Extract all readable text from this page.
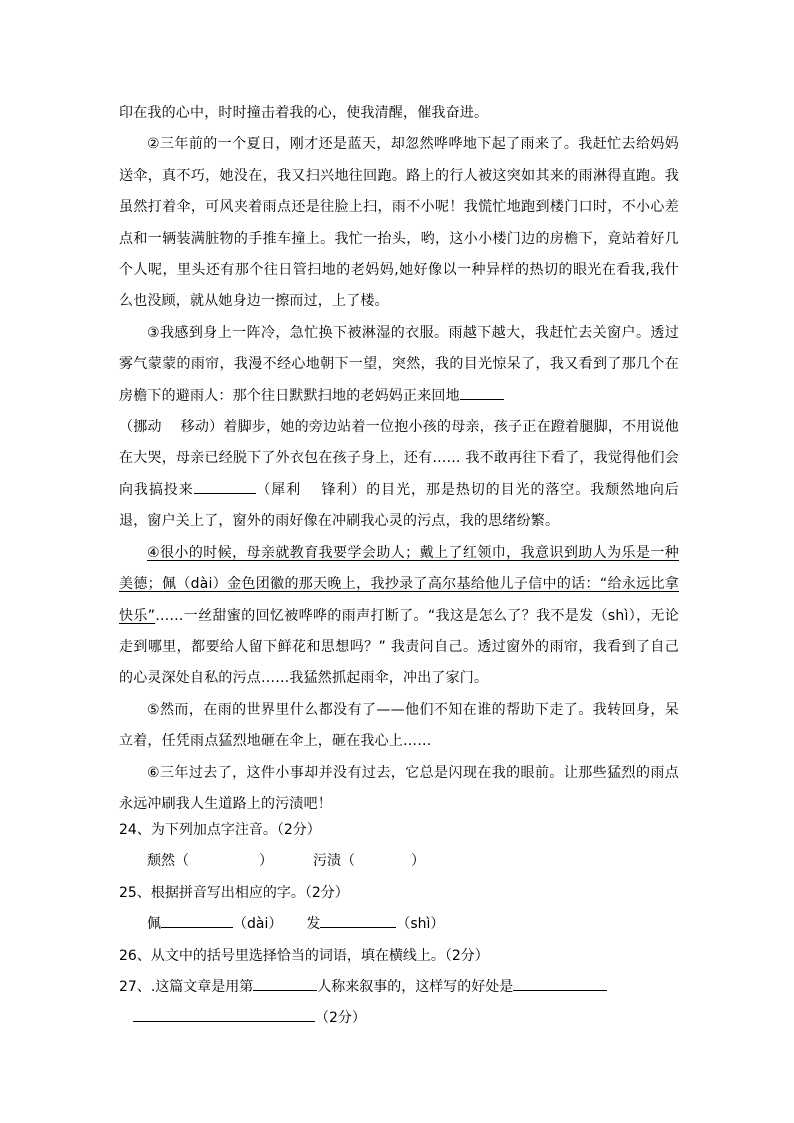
印在我的心中，时时撞击着我的心，使我清醒，催我奋进。

②三年前的一个夏日，刚才还是蓝天，却忽然哗哗地下起了雨来了。我赶忙去给妈妈送伞，真不巧，她没在，我又扫兴地往回跑。路上的行人被这突如其来的雨淋得直跑。我虽然打着伞，可风夹着雨点还是往脸上扫，雨不小呢！我慌忙地跑到楼门口时，不小心差点和一辆装满脏物的手推车撞上。我忙一抬头，哟，这小小楼门边的房檐下，竟站着好几个人呢，里头还有那个往日管扫地的老妈妈,她好像以一种异样的热切的眼光在看我,我什么也没顾，就从她身边一擦而过，上了楼。

③我感到身上一阵冷，急忙换下被淋湿的衣服。雨越下越大，我赶忙去关窗户。透过雾气蒙蒙的雨帘，我漫不经心地朝下一望，突然，我的目光惊呆了，我又看到了那几个在房檐下的避雨人：那个往日默默扫地的老妈妈正来回地
（挪动　 移动）着脚步，她的旁边站着一位抱小孩的母亲，孩子正在蹬着腿脚，不用说他在大哭，母亲已经脱下了外衣包在孩子身上，还有…… 我不敢再往下看了，我觉得他们会向我搞投来	（犀利　 锋利）的目光，那是热切的目光的落空。我颓然地向后退，窗户关上了，窗外的雨好像在冲刷我心灵的污点，我的思绪纷繁。

④很小的时候，母亲就教育我要学会助人；戴上了红领巾，我意识到助人为乐是一种美德；佩（dài）金色团徽的那天晚上，我抄录了高尔基给他儿子信中的话：“给永远比拿快乐”……一丝甜蜜的回忆被哗哗的雨声打断了。“我这是怎么了？我不是发（shì），无论走到哪里，都要给人留下鲜花和思想吗？” 我责问自己。透过窗外的雨帘，我看到了自己的心灵深处自私的污点……我猛然抓起雨伞，冲出了家门。

⑤然而，在雨的世界里什么都没有了——他们不知在谁的帮助下走了。我转回身，呆立着，任凭雨点猛烈地砸在伞上，砸在我心上……

⑥三年过去了，这件小事却并没有过去，它总是闪现在我的眼前。让那些猛烈的雨点永远冲刷我人生道路上的污渍吧！

24、为下列加点字注音。（2分）

颓然（	）	污渍（	）

25、根据拼音写出相应的字。（2分）

佩	（dài） 发	（shì）

26、从文中的括号里选择恰当的词语，填在横线上。（2分）

27、.这篇文章是用第	人称来叙事的，这样写的好处是

（2分）
